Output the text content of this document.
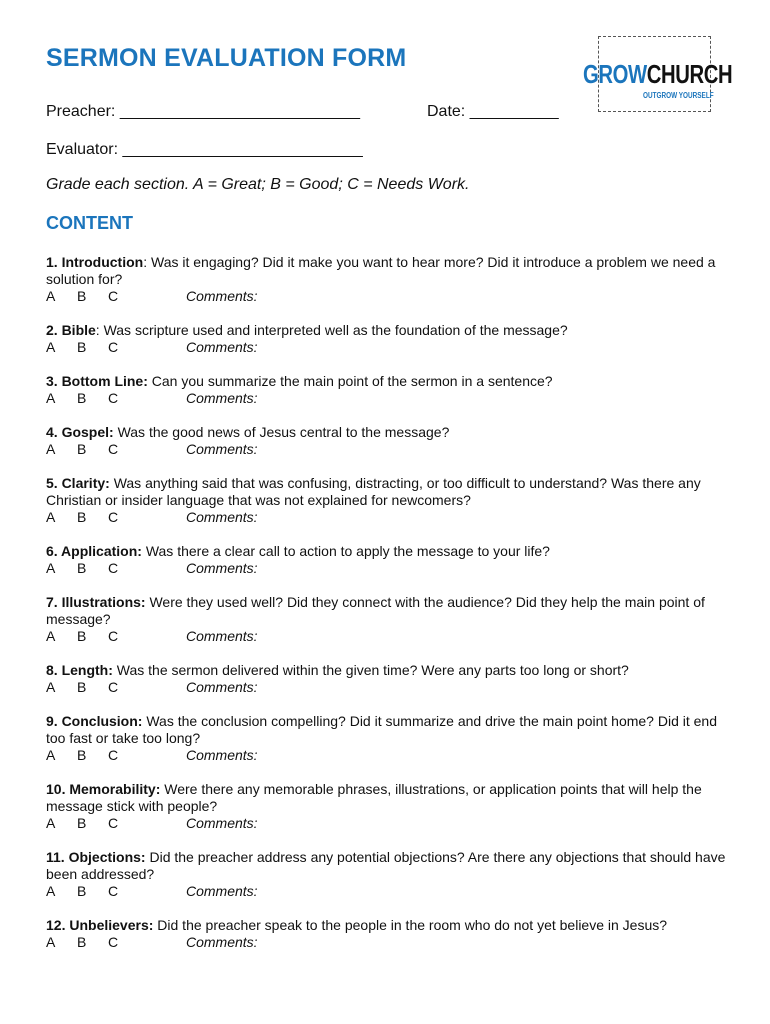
SERMON EVALUATION FORM
GROWCHURCH
OUTGROW YOURSELF
Preacher: ___________________________	Date: __________
Evaluator: ___________________________

Grade each section. A = Great; B = Good; C = Needs Work.

CONTENT

1. Introduction: Was it engaging? Did it make you want to hear more? Did it introduce a problem we need a solution for?

A	B	C	Comments:

2. Bible: Was scripture used and interpreted well as the foundation of the message?

A	B	C	Comments:

3. Bottom Line: Can you summarize the main point of the sermon in a sentence?

A	B	C	Comments:

4. Gospel: Was the good news of Jesus central to the message?

A	B	C	Comments:

5. Clarity: Was anything said that was confusing, distracting, or too difficult to understand? Was there any Christian or insider language that was not explained for newcomers?

A	B	C	Comments:

6. Application: Was there a clear call to action to apply the message to your life?

A	B	C	Comments:

7. Illustrations: Were they used well? Did they connect with the audience? Did they help the main point of message?

A	B	C	Comments:

8. Length: Was the sermon delivered within the given time? Were any parts too long or short?

A	B	C	Comments:

9. Conclusion: Was the conclusion compelling? Did it summarize and drive the main point home? Did it end too fast or take too long?

A	B	C	Comments:

10. Memorability: Were there any memorable phrases, illustrations, or application points that will help the message stick with people?

A	B	C	Comments:

11. Objections: Did the preacher address any potential objections? Are there any objections that should have been addressed?

A	B	C	Comments:

12. Unbelievers: Did the preacher speak to the people in the room who do not yet believe in Jesus?

A	B	C	Comments:
